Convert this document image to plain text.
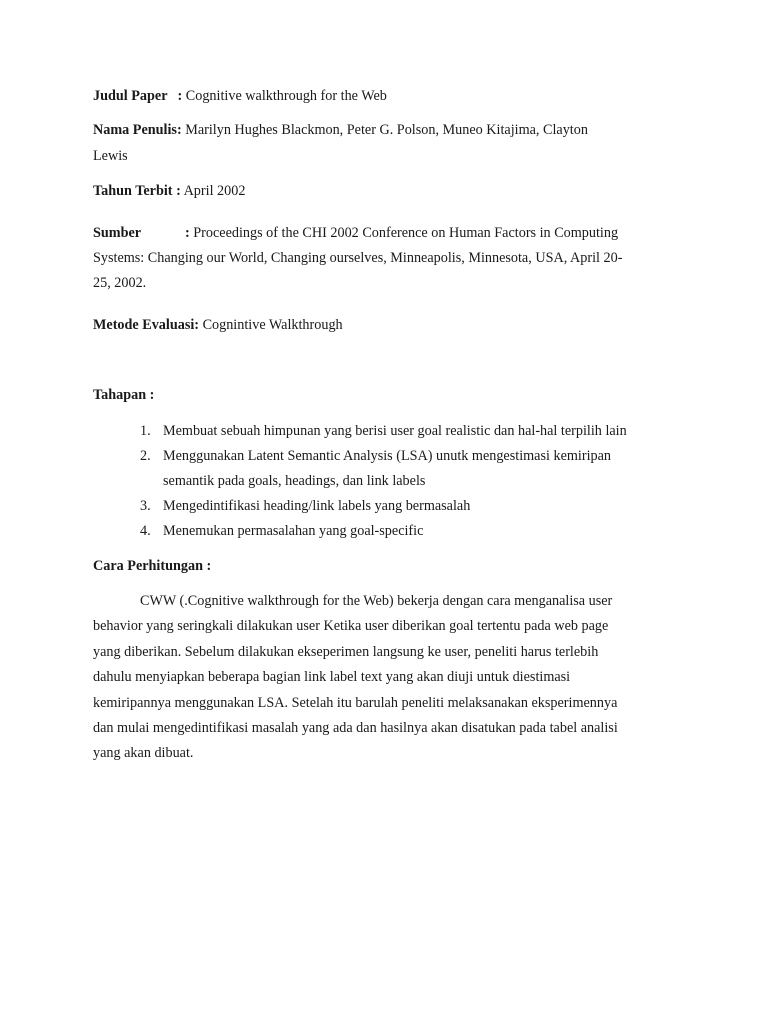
Judul Paper : Cognitive walkthrough for the Web
Nama Penulis: Marilyn Hughes Blackmon, Peter G. Polson, Muneo Kitajima, Clayton
Lewis
Tahun Terbit : April 2002
Sumber	: Proceedings of the CHI 2002 Conference on Human Factors in Computing
Systems: Changing our World, Changing ourselves, Minneapolis, Minnesota, USA, April 20-
25, 2002.
Metode Evaluasi: Cognintive Walkthrough
Tahapan :
1. Membuat sebuah himpunan yang berisi user goal realistic dan hal-hal terpilih lain
2. Menggunakan Latent Semantic Analysis (LSA) unutk mengestimasi kemiripan
semantik pada goals, headings, dan link labels
3. Mengedintifikasi heading/link labels yang bermasalah
4. Menemukan permasalahan yang goal-specific
Cara Perhitungan :
CWW (.Cognitive walkthrough for the Web) bekerja dengan cara menganalisa user
behavior yang seringkali dilakukan user Ketika user diberikan goal tertentu pada web page
yang diberikan. Sebelum dilakukan ekseperimen langsung ke user, peneliti harus terlebih
dahulu menyiapkan beberapa bagian link label text yang akan diuji untuk diestimasi
kemiripannya menggunakan LSA. Setelah itu barulah peneliti melaksanakan eksperimennya
dan mulai mengedintifikasi masalah yang ada dan hasilnya akan disatukan pada tabel analisi
yang akan dibuat.
